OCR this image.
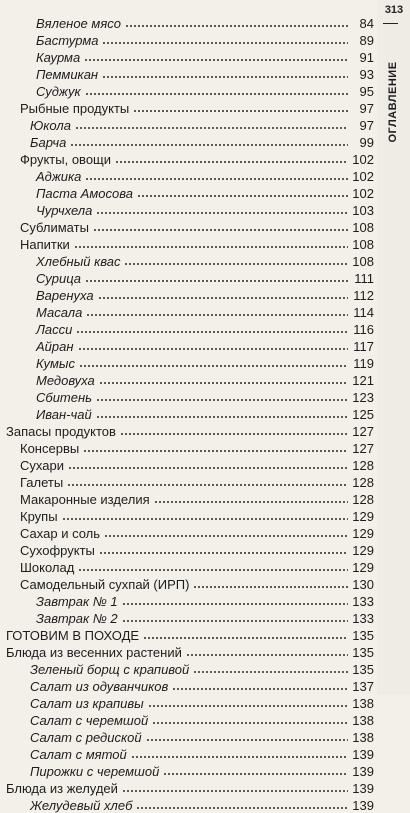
Вяленое мясо	84
Бастурма	89
Каурма	91
Пеммикан	93
Суджук	95
Рыбные продукты	97
Юкола	97
Барча	99
Фрукты, овощи	102
Аджика	102
Паста Амосова	102
Чурчхела	103
Сублиматы	108
Напитки	108
Хлебный квас	108
Сурица	111
Варенуха	112
Масала	114
Ласси	116
Айран	117
Кумыс	119
Медовуха	121
Сбитень	123
Иван-чай	125
Запасы продуктов	127
Консервы	127
Сухари	128
Галеты	128
Макаронные изделия	128
Крупы	129
Сахар и соль	129
Сухофрукты	129
Шоколад	129
Самодельный сухпай (ИРП)	130
Завтрак № 1	133
Завтрак № 2	133
ГОТОВИМ В ПОХОДЕ	135
Блюда из весенних растений	135
Зеленый борщ с крапивой	135
Салат из одуванчиков	137
Салат из крапивы	138
Салат с черемшой	138
Салат с редиской	138
Салат с мятой	139
Пирожки с черемшой	139
Блюда из желудей	139
Желудевый хлеб	139
313
ОГЛАВЛЕНИЕ
